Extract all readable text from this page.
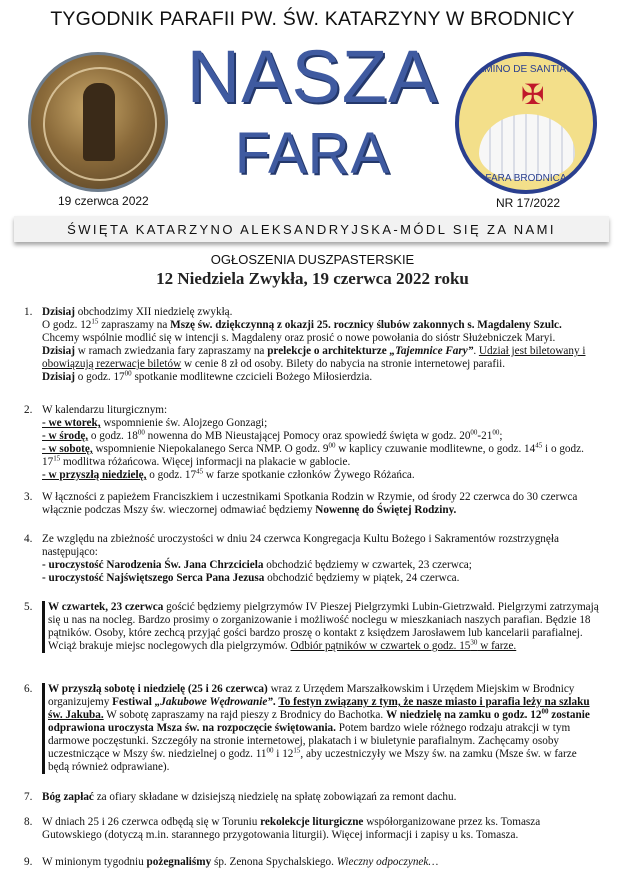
TYGODNIK PARAFII PW. ŚW. KATARZYNY W BRODNICY
NASZA
FARA
CAMINO DE SANTIAGO
✠
FARA BRODNICA
19 czerwca 2022	NR 17/2022
ŚWIĘTA KATARZYNO ALEKSANDRYJSKA-MÓDL SIĘ ZA NAMI
OGŁOSZENIA DUSZPASTERSKIE
12 Niedziela Zwykła, 19 czerwca 2022 roku
1. Dzisiaj obchodzimy XII niedzielę zwykłą.

O godz. $12^{15}$ zapraszamy na Mszę św. dziękczynną z okazji 25. rocznicy ślubów zakonnych s. Magdaleny Szulc. Chcemy wspólnie modlić się w intencji s. Magdaleny oraz prosić o nowe powołania do sióstr Służebniczek Maryi.

Dzisiaj w ramach zwiedzania fary zapraszamy na prelekcje o architekturze „Tajemnice Fary”. Udział jest biletowany i obowiązują rezerwacje biletów w cenie 8 zł od osoby. Bilety do nabycia na stronie internetowej parafii.

Dzisiaj o godz. $17^{00}$ spotkanie modlitewne czcicieli Bożego Miłosierdzia.

2. W kalendarzu liturgicznym:

- we wtorek, wspomnienie św. Alojzego Gonzagi;

- w środę, o godz. $18^{00}$ nowenna do MB Nieustającej Pomocy oraz spowiedź święta w godz. $20^{00}-21^{00}$;

- w sobotę, wspomnienie Niepokalanego Serca NMP. O godz. $9^{00}$ w kaplicy czuwanie modlitewne, o godz. $14^{45}$ i o godz. $17^{15}$ modlitwa różańcowa. Więcej informacji na plakacie w gablocie.

- w przyszłą niedzielę, o godz. $17^{45}$ w farze spotkanie członków Żywego Różańca.

3. W łączności z papieżem Franciszkiem i uczestnikami Spotkania Rodzin w Rzymie, od środy 22 czerwca do 30 czerwca włącznie podczas Mszy św. wieczornej odmawiać będziemy Nowennę do Świętej Rodziny.

4. Ze względu na zbieżność uroczystości w dniu 24 czerwca Kongregacja Kultu Bożego i Sakramentów rozstrzygnęła następująco:

- uroczystość Narodzenia Św. Jana Chrzciciela obchodzić będziemy w czwartek, 23 czerwca;

- uroczystość Najświętszego Serca Pana Jezusa obchodzić będziemy w piątek, 24 czerwca.

5. W czwartek, 23 czerwca gościć będziemy pielgrzymów IV Pieszej Pielgrzymki Lubin-Gietrzwałd. Pielgrzymi zatrzymają się u nas na nocleg. Bardzo prosimy o zorganizowanie i możliwość noclegu w mieszkaniach naszych parafian. Będzie 18 pątników. Osoby, które zechcą przyjąć gości bardzo proszę o kontakt z księdzem Jarosławem lub kancelarii parafialnej. Wciąż brakuje miejsc noclegowych dla pielgrzymów. Odbiór pątników w czwartek o godz. $15^{30}$ w farze.

6. W przyszłą sobotę i niedzielę (25 i 26 czerwca) wraz z Urzędem Marszałkowskim i Urzędem Miejskim w Brodnicy organizujemy Festiwal „Jakubowe Wędrowanie”. To festyn związany z tym, że nasze miasto i parafia leży na szlaku św. Jakuba. W sobotę zapraszamy na rajd pieszy z Brodnicy do Bachotka. W niedzielę na zamku o godz. $12^{00}$ zostanie odprawiona uroczysta Msza św. na rozpoczęcie świętowania. Potem bardzo wiele różnego rodzaju atrakcji w tym darmowe poczęstunki. Szczegóły na stronie internetowej, plakatach i w biuletynie parafialnym. Zachęcamy osoby uczestniczące w Mszy św. niedzielnej o godz. $11^{00}$ i $12^{15}$, aby uczestniczyły we Mszy św. na zamku (Msze św. w farze będą również odprawiane).

7. Bóg zapłać za ofiary składane w dzisiejszą niedzielę na spłatę zobowiązań za remont dachu.

8. W dniach 25 i 26 czerwca odbędą się w Toruniu rekolekcje liturgiczne współorganizowane przez ks. Tomasza Gutowskiego (dotyczą m.in. starannego przygotowania liturgii). Więcej informacji i zapisy u ks. Tomasza.

9. W minionym tygodniu pożegnaliśmy śp. Zenona Spychalskiego. Wieczny odpoczynek…
